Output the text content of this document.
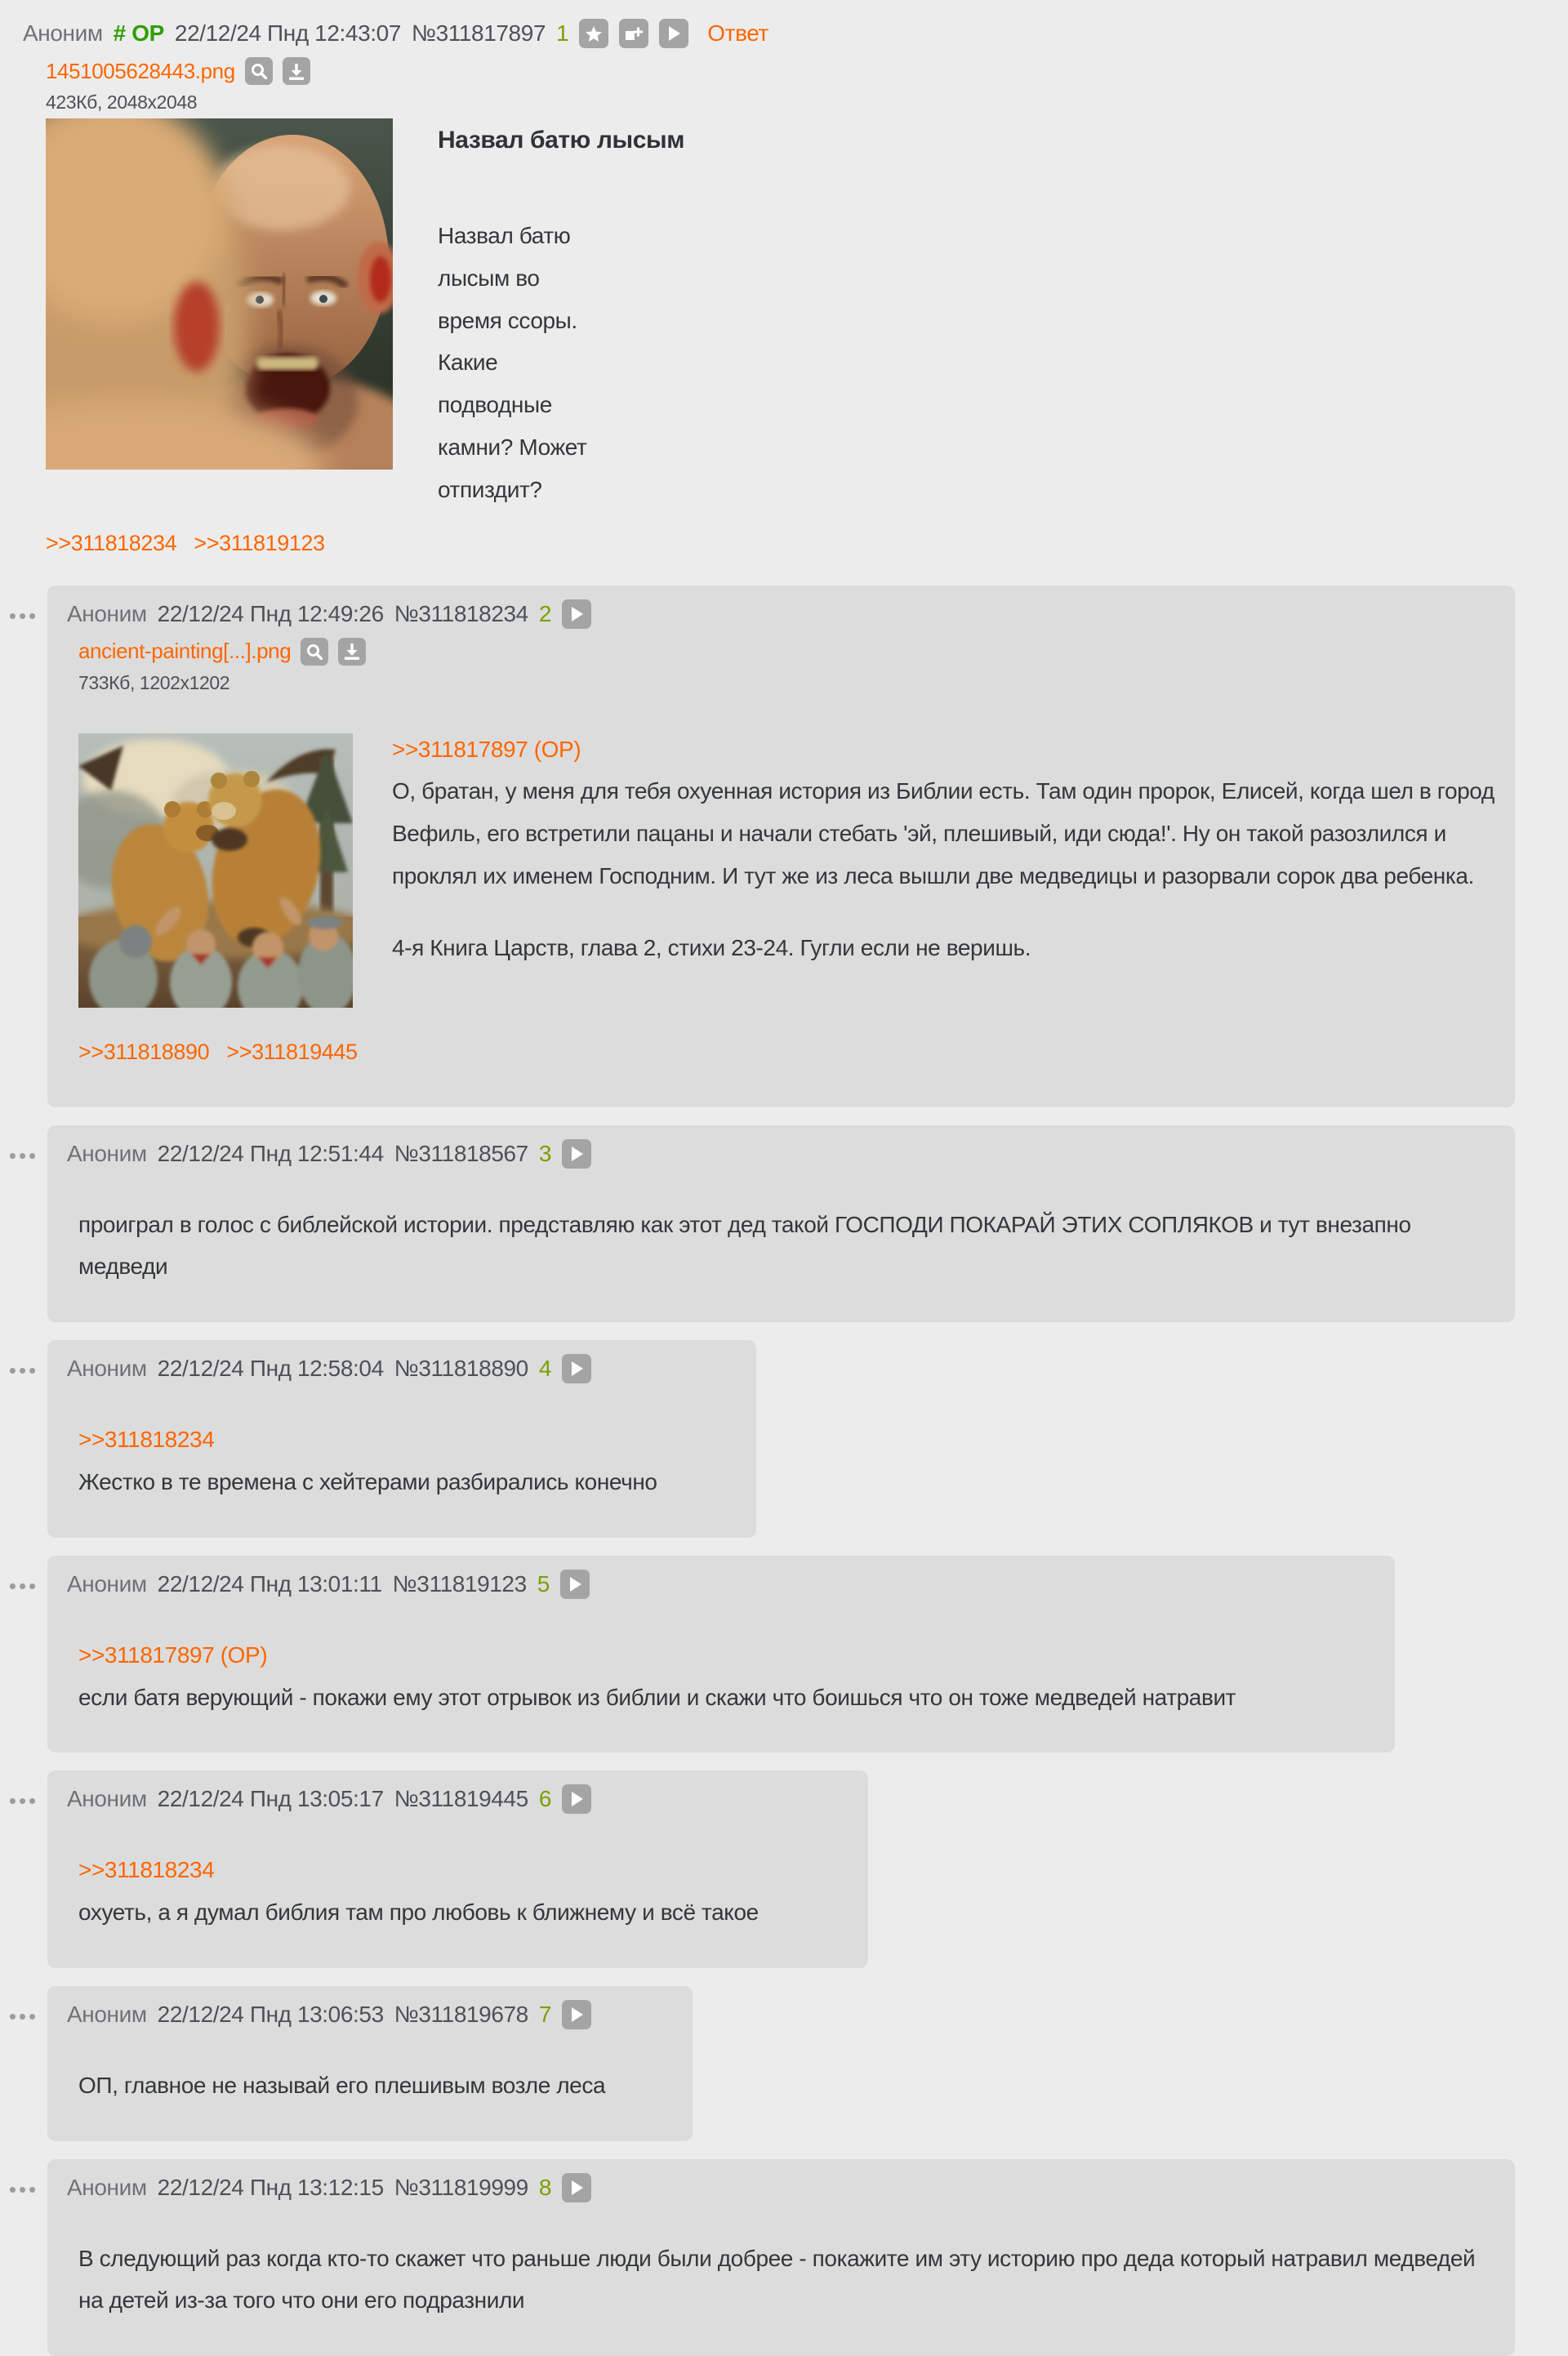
Аноним # OP 22/12/24 Пнд 12:43:07 №311817897 1	Ответ
1451005628443.png
423Кб, 2048x2048
Назвал батю лысым

Назвал батю лысым во время ссоры. Какие подводные камни? Может отпиздит?

>>311818234 >>311819123
•••	Аноним 22/12/24 Пнд 12:49:26 №311818234 2
ancient-painting[...].png
733Кб, 1202x1202

>>311817897 (ОР)

О, братан, у меня для тебя охуенная история из Библии есть. Там один пророк, Елисей, когда шел в город Вефиль, его встретили пацаны и начали стебать 'эй, плешивый, иди сюда!'. Ну он такой разозлился и проклял их именем Господним. И тут же из леса вышли две медведицы и разорвали сорок два ребенка.

4-я Книга Царств, глава 2, стихи 23-24. Гугли если не веришь.

>>311818890 >>311819445
•••	Аноним 22/12/24 Пнд 12:51:44 №311818567 3

проиграл в голос с библейской истории. представляю как этот дед такой ГОСПОДИ ПОКАРАЙ ЭТИХ СОПЛЯКОВ и тут внезапно медведи

•••	Аноним 22/12/24 Пнд 12:58:04 №311818890 4

>>311818234

Жестко в те времена с хейтерами разбирались конечно

•••	Аноним 22/12/24 Пнд 13:01:11 №311819123 5

>>311817897 (ОР)

если батя верующий - покажи ему этот отрывок из библии и скажи что боишься что он тоже медведей натравит

•••	Аноним 22/12/24 Пнд 13:05:17 №311819445 6

>>311818234

охуеть, а я думал библия там про любовь к ближнему и всё такое

•••	Аноним 22/12/24 Пнд 13:06:53 №311819678 7

ОП, главное не называй его плешивым возле леса

•••	Аноним 22/12/24 Пнд 13:12:15 №311819999 8

В следующий раз когда кто-то скажет что раньше люди были добрее - покажите им эту историю про деда который натравил медведей на детей из-за того что они его подразнили
